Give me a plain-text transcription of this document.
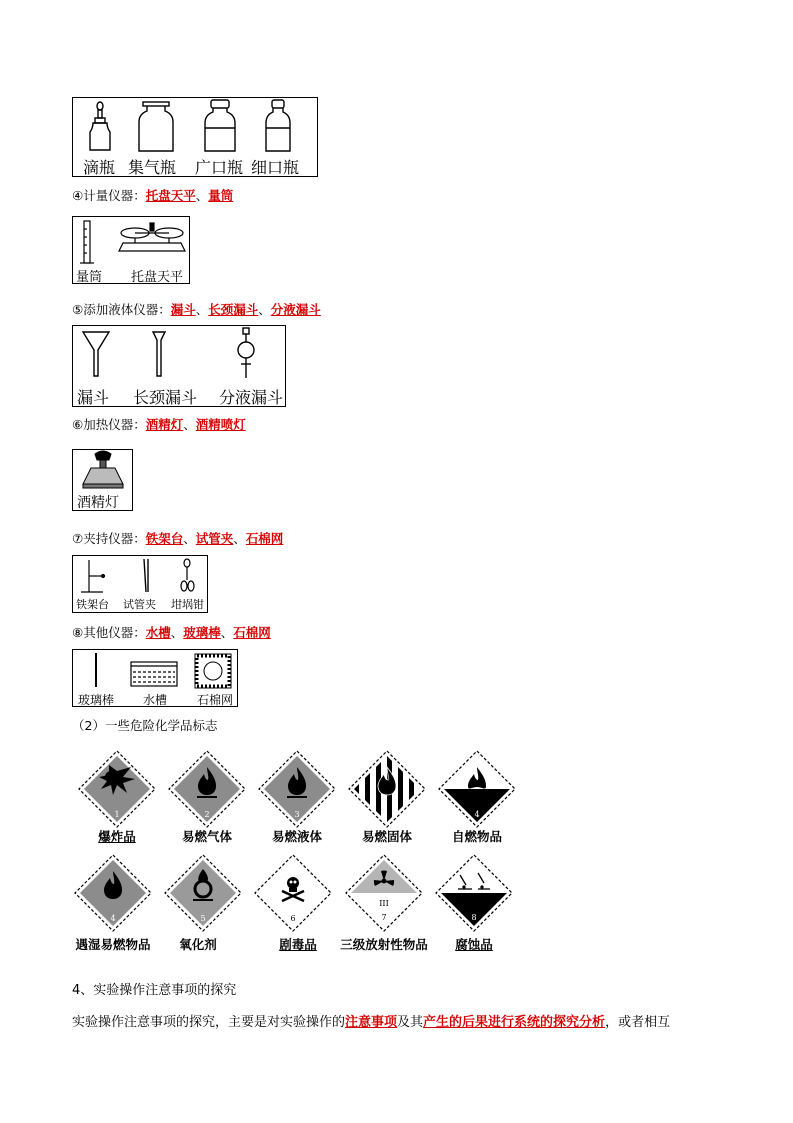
滴瓶 集气瓶 广口瓶 细口瓶
④计量仪器：托盘天平、量筒
量筒 托盘天平
⑤添加液体仪器：漏斗、长颈漏斗、分液漏斗
漏斗 长颈漏斗 分液漏斗
⑥加热仪器：酒精灯、酒精喷灯
酒精灯
⑦夹持仪器：铁架台、试管夹、石棉网
铁架台 试管夹 坩埚钳
⑧其他仪器：水槽、玻璃棒、石棉网
玻璃棒 水槽 石棉网
（2）一些危险化学品标志
1	2	3	4
爆炸品	易燃气体	易燃液体	易燃固体	自燃物品
4	5	6
III
7	8
遇湿易燃物品	氧化剂	剧毒品	三级放射性物品	腐蚀品
4、实验操作注意事项的探究
实验操作注意事项的探究，主要是对实验操作的注意事项及其产生的后果进行系统的探究分析，或者相互
